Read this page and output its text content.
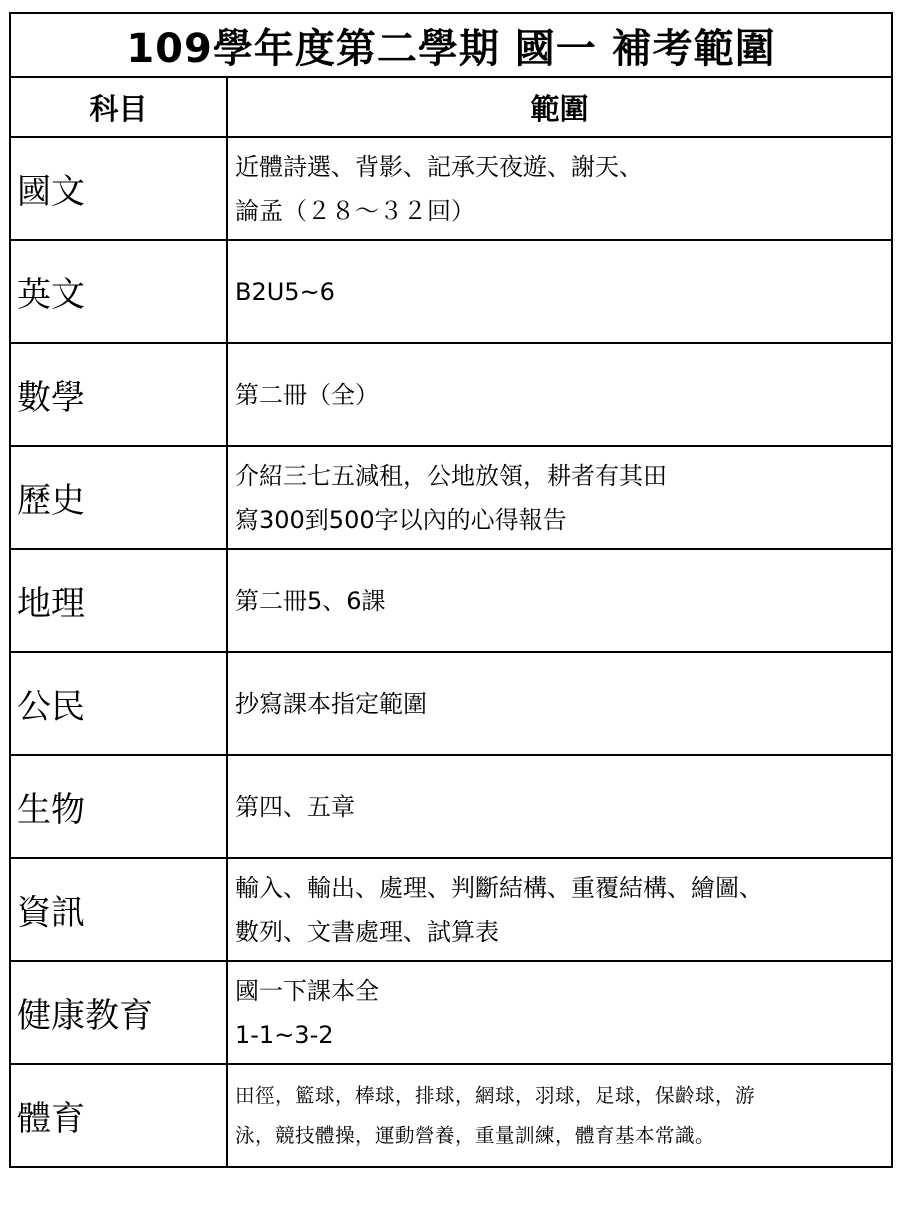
109學年度第二學期 國一 補考範圍	
科目	範圍
國文	近體詩選、背影、記承天夜遊、謝天、
論孟（２８～３２回）

英文	B2U5~6

數學	第二冊（全）

歷史	介紹三七五減租，公地放領，耕者有其田
寫300到500字以內的心得報告

地理	第二冊5、6課

公民	抄寫課本指定範圍

生物	第四、五章

資訊	輸入、輸出、處理、判斷結構、重覆結構、繪圖、
數列、文書處理、試算表

健康教育	國一下課本全
1-1~3-2

體育	田徑，籃球，棒球，排球，網球，羽球，足球，保齡球，游
泳，競技體操，運動營養，重量訓練，體育基本常識。
